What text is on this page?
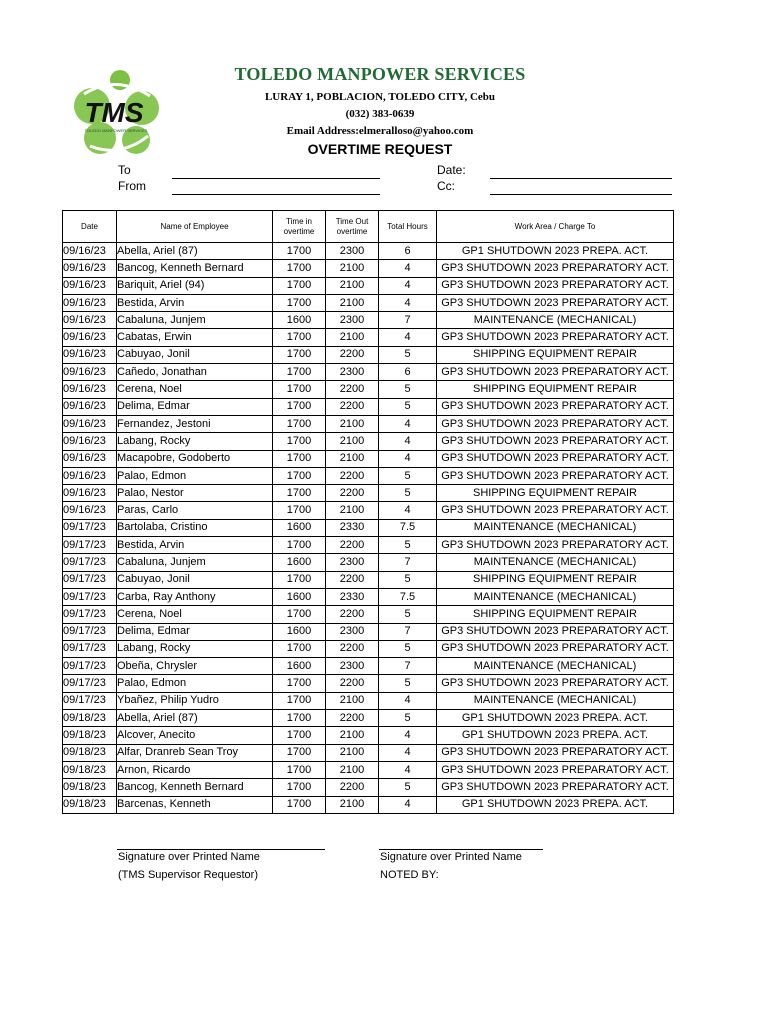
TMS
TOLEDO MANPOWER SERVICES
TOLEDO MANPOWER SERVICES
LURAY 1, POBLACION, TOLEDO CITY, Cebu
(032) 383-0639
Email Address:elmeralloso@yahoo.com
OVERTIME REQUEST
To
From
Date:
Cc:
Date	Name of Employee	Time in overtime	Time Out overtime	Total Hours	Work Area / Charge To
09/16/23	Abella, Ariel (87)	1700	2300	6	GP1 SHUTDOWN 2023 PREPA. ACT.
09/16/23	Bancog, Kenneth Bernard	1700	2100	4	GP3 SHUTDOWN 2023 PREPARATORY ACT.
09/16/23	Bariquit, Ariel (94)	1700	2100	4	GP3 SHUTDOWN 2023 PREPARATORY ACT.
09/16/23	Bestida, Arvin	1700	2100	4	GP3 SHUTDOWN 2023 PREPARATORY ACT.
09/16/23	Cabaluna, Junjem	1600	2300	7	MAINTENANCE (MECHANICAL)
09/16/23	Cabatas, Erwin	1700	2100	4	GP3 SHUTDOWN 2023 PREPARATORY ACT.
09/16/23	Cabuyao, Jonil	1700	2200	5	SHIPPING EQUIPMENT REPAIR
09/16/23	Cañedo, Jonathan	1700	2300	6	GP3 SHUTDOWN 2023 PREPARATORY ACT.
09/16/23	Cerena, Noel	1700	2200	5	SHIPPING EQUIPMENT REPAIR
09/16/23	Delima, Edmar	1700	2200	5	GP3 SHUTDOWN 2023 PREPARATORY ACT.
09/16/23	Fernandez, Jestoni	1700	2100	4	GP3 SHUTDOWN 2023 PREPARATORY ACT.
09/16/23	Labang, Rocky	1700	2100	4	GP3 SHUTDOWN 2023 PREPARATORY ACT.
09/16/23	Macapobre, Godoberto	1700	2100	4	GP3 SHUTDOWN 2023 PREPARATORY ACT.
09/16/23	Palao, Edmon	1700	2200	5	GP3 SHUTDOWN 2023 PREPARATORY ACT.
09/16/23	Palao, Nestor	1700	2200	5	SHIPPING EQUIPMENT REPAIR
09/16/23	Paras, Carlo	1700	2100	4	GP3 SHUTDOWN 2023 PREPARATORY ACT.
09/17/23	Bartolaba, Cristino	1600	2330	7.5	MAINTENANCE (MECHANICAL)
09/17/23	Bestida, Arvin	1700	2200	5	GP3 SHUTDOWN 2023 PREPARATORY ACT.
09/17/23	Cabaluna, Junjem	1600	2300	7	MAINTENANCE (MECHANICAL)
09/17/23	Cabuyao, Jonil	1700	2200	5	SHIPPING EQUIPMENT REPAIR
09/17/23	Carba, Ray Anthony	1600	2330	7.5	MAINTENANCE (MECHANICAL)
09/17/23	Cerena, Noel	1700	2200	5	SHIPPING EQUIPMENT REPAIR
09/17/23	Delima, Edmar	1600	2300	7	GP3 SHUTDOWN 2023 PREPARATORY ACT.
09/17/23	Labang, Rocky	1700	2200	5	GP3 SHUTDOWN 2023 PREPARATORY ACT.
09/17/23	Obeña, Chrysler	1600	2300	7	MAINTENANCE (MECHANICAL)
09/17/23	Palao, Edmon	1700	2200	5	GP3 SHUTDOWN 2023 PREPARATORY ACT.
09/17/23	Ybañez, Philip Yudro	1700	2100	4	MAINTENANCE (MECHANICAL)
09/18/23	Abella, Ariel (87)	1700	2200	5	GP1 SHUTDOWN 2023 PREPA. ACT.
09/18/23	Alcover, Anecito	1700	2100	4	GP1 SHUTDOWN 2023 PREPA. ACT.
09/18/23	Alfar, Dranreb Sean Troy	1700	2100	4	GP3 SHUTDOWN 2023 PREPARATORY ACT.
09/18/23	Arnon, Ricardo	1700	2100	4	GP3 SHUTDOWN 2023 PREPARATORY ACT.
09/18/23	Bancog, Kenneth Bernard	1700	2200	5	GP3 SHUTDOWN 2023 PREPARATORY ACT.
09/18/23	Barcenas, Kenneth	1700	2100	4	GP1 SHUTDOWN 2023 PREPA. ACT.
Signature over Printed Name
(TMS Supervisor Requestor)
Signature over Printed Name
NOTED BY:
